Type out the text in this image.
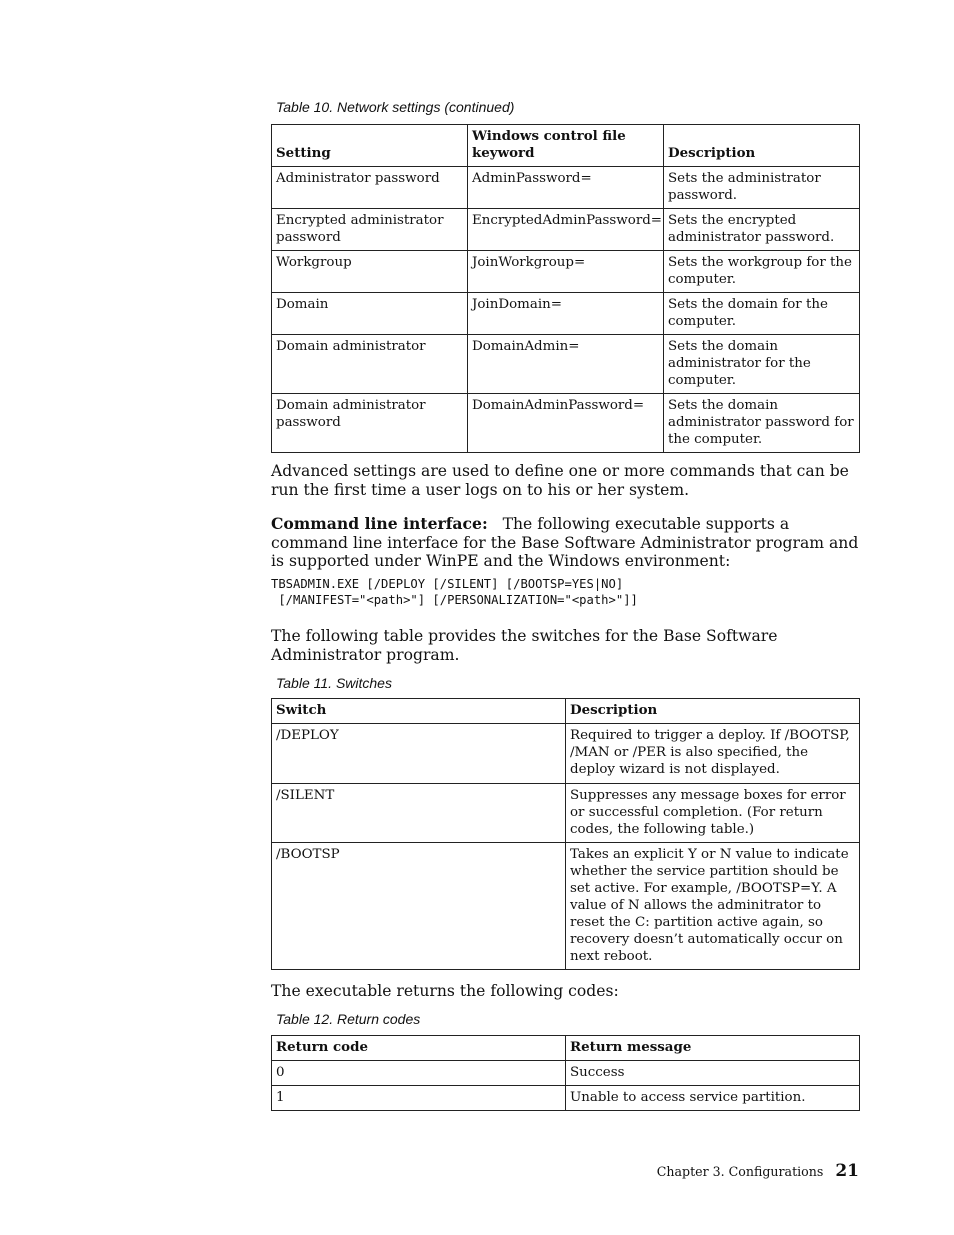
Table 10. Network settings (continued)
Setting	Windows control file keyword	Description
Administrator password	AdminPassword=	Sets the administrator password.
Encrypted administrator password	EncryptedAdminPassword=	Sets the encrypted administrator password.
Workgroup	JoinWorkgroup=	Sets the workgroup for the computer.
Domain	JoinDomain=	Sets the domain for the computer.
Domain administrator	DomainAdmin=	Sets the domain administrator for the computer.
Domain administrator password	DomainAdminPassword=	Sets the domain administrator password for the computer.
Advanced settings are used to define one or more commands that can be run the first time a user logs on to his or her system.
Command line interface: The following executable supports a command line interface for the Base Software Administrator program and is supported under WinPE and the Windows environment:
TBSADMIN.EXE [/DEPLOY [/SILENT] [/BOOTSP=YES|NO]
[/MANIFEST="<path>"] [/PERSONALIZATION="<path>"]]
The following table provides the switches for the Base Software Administrator program.
Table 11. Switches
Switch	Description
/DEPLOY	Required to trigger a deploy. If /BOOTSP, /MAN or /PER is also specified, the deploy wizard is not displayed.
/SILENT	Suppresses any message boxes for error or successful completion. (For return codes, the following table.)
/BOOTSP	Takes an explicit Y or N value to indicate whether the service partition should be set active. For example, /BOOTSP=Y. A value of N allows the adminitrator to reset the C: partition active again, so recovery doesn’t automatically occur on next reboot.
The executable returns the following codes:
Table 12. Return codes
Return code	Return message
0	Success
1	Unable to access service partition.
Chapter 3. Configurations 21
